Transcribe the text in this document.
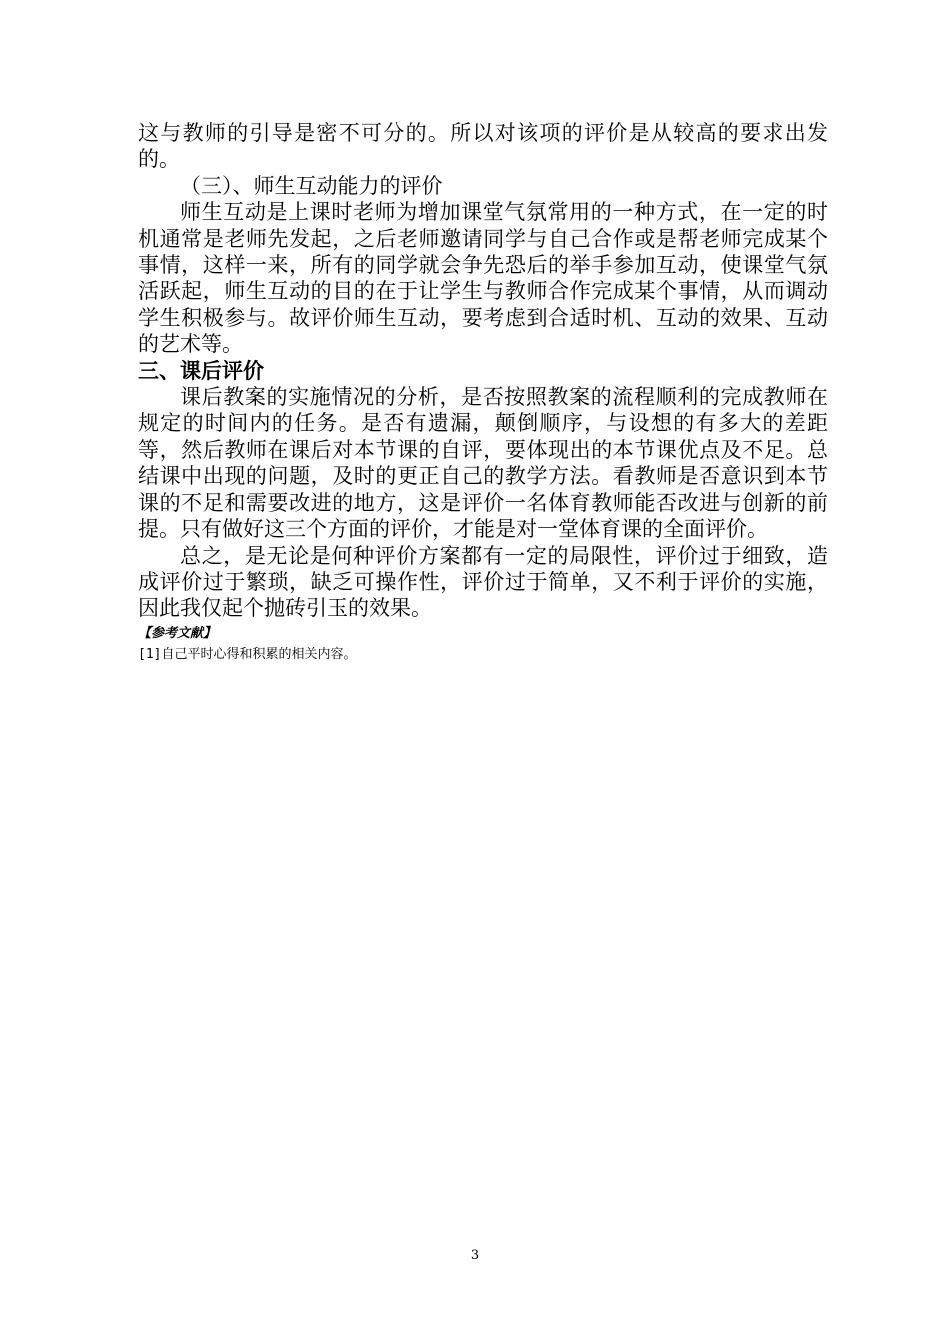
这与教师的引导是密不可分的。所以对该项的评价是从较高的要求出发的。

（三）、师生互动能力的评价

师生互动是上课时老师为增加课堂气氛常用的一种方式，在一定的时机通常是老师先发起，之后老师邀请同学与自己合作或是帮老师完成某个事情，这样一来，所有的同学就会争先恐后的举手参加互动，使课堂气氛活跃起，师生互动的目的在于让学生与教师合作完成某个事情，从而调动学生积极参与。故评价师生互动，要考虑到合适时机、互动的效果、互动的艺术等。

三、课后评价

课后教案的实施情况的分析，是否按照教案的流程顺利的完成教师在规定的时间内的任务。是否有遗漏，颠倒顺序，与设想的有多大的差距等，然后教师在课后对本节课的自评，要体现出的本节课优点及不足。总结课中出现的问题，及时的更正自己的教学方法。看教师是否意识到本节课的不足和需要改进的地方，这是评价一名体育教师能否改进与创新的前提。只有做好这三个方面的评价，才能是对一堂体育课的全面评价。

总之，是无论是何种评价方案都有一定的局限性，评价过于细致，造成评价过于繁琐，缺乏可操作性，评价过于简单，又不利于评价的实施，因此我仅起个抛砖引玉的效果。

【参考文献】

[1]自己平时心得和积累的相关内容。

3
